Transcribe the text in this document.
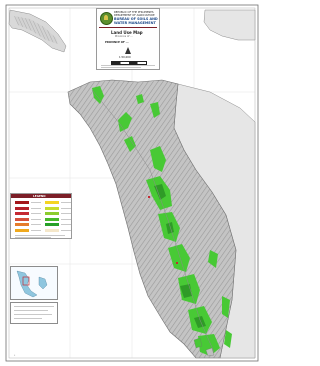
•
REPUBLIC OF THE PHILIPPINES
DEPARTMENT OF AGRICULTURE
BUREAU OF SOILS AND
WATER MANAGEMENT
Land Use Map
Province of ...
PROVINCE OF ...
1:50,000
LEGEND
